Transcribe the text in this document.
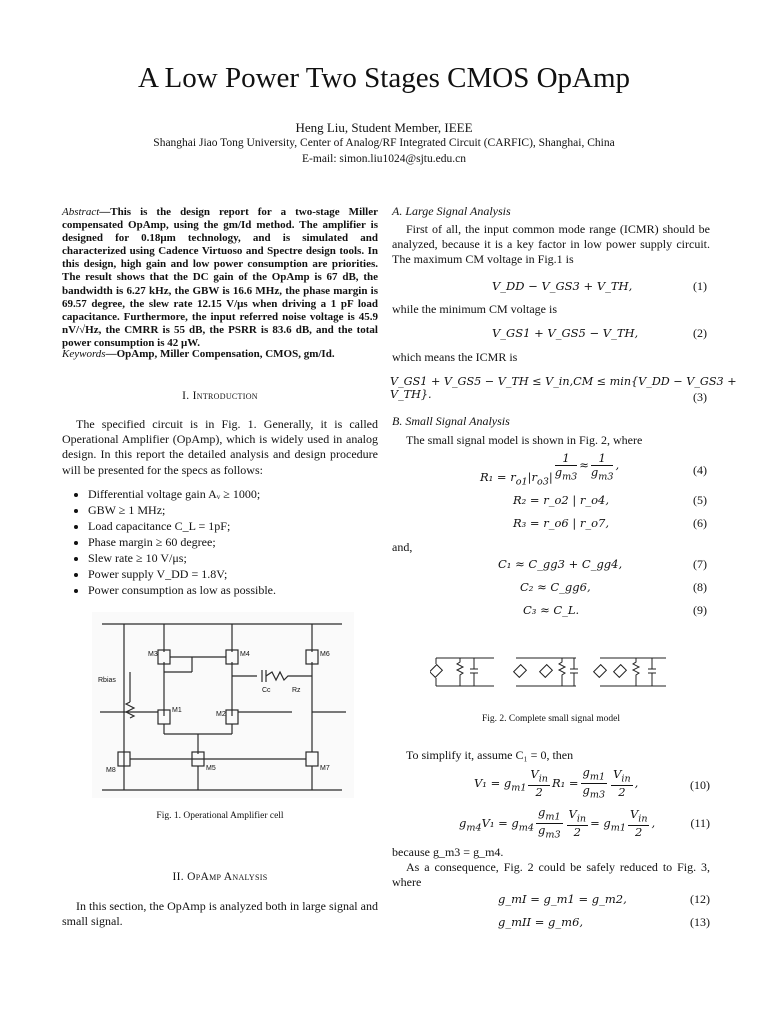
A Low Power Two Stages CMOS OpAmp
Heng Liu, Student Member, IEEE
Shanghai Jiao Tong University, Center of Analog/RF Integrated Circuit (CARFIC), Shanghai, China
E-mail: simon.liu1024@sjtu.edu.cn
Abstract—This is the design report for a two-stage Miller compensated OpAmp, using the gm/Id method. The amplifier is designed for 0.18μm technology, and is simulated and characterized using Cadence Virtuoso and Spectre design tools. In this design, high gain and low power consumption are priorities. The result shows that the DC gain of the OpAmp is 67 dB, the bandwidth is 6.27 kHz, the GBW is 16.6 MHz, the phase margin is 69.57 degree, the slew rate 12.15 V/μs when driving a 1 pF load capacitance. Furthermore, the input referred noise voltage is 45.9 nV/√Hz, the CMRR is 55 dB, the PSRR is 83.6 dB, and the total power consumption is 42 μW.
Keywords—OpAmp, Miller Compensation, CMOS, gm/Id.
I. Introduction
The specified circuit is in Fig. 1. Generally, it is called Operational Amplifier (OpAmp), which is widely used in analog design. In this report the detailed analysis and design procedure will be presented for the specs as follows:
• Differential voltage gain Aᵥ ≥ 1000;
• GBW ≥ 1 MHz;
• Load capacitance C_L = 1pF;
• Phase margin ≥ 60 degree;
• Slew rate ≥ 10 V/μs;
• Power supply V_DD = 1.8V;
• Power consumption as low as possible.
M3	M4	M6
Rbias
Cc	Rz
M1
M2
M8	M5	M7
Fig. 1. Operational Amplifier cell
II. OpAmp Analysis
In this section, the OpAmp is analyzed both in large signal and small signal.
A. Large Signal Analysis
First of all, the input common mode range (ICMR) should be analyzed, because it is a key factor in low power supply circuit. The maximum CM voltage in Fig.1 is
V_DD − V_GS3 + V_TH,	(1)
while the minimum CM voltage is
V_GS1 + V_GS5 − V_TH,	(2)
which means the ICMR is
V_GS1 + V_GS5 − V_TH ≤ V_in,CM ≤ min{V_DD − V_GS3 + V_TH}.	(3)
B. Small Signal Analysis
The small signal model is shown in Fig. 2, where
$R_1 = r_{o1}|r_{o3}| \frac{1}{g_{m3}} \approx \frac{1}{g_{m3}}$ ,	(4)
R₂ = r_o2 | r_o4,	(5)
R₃ = r_o6 | r_o7,	(6)
and,
C₁ ≈ C_gg3 + C_gg4,	(7)
C₂ ≈ C_gg6,	(8)
C₃ ≈ C_L.	(9)
Fig. 2. Complete small signal model
To simplify it, assume C₁ = 0, then
$V_1 = g_{m1} \frac{V_{in}}{2} R_1 = \frac{g_{m1}}{g_{m3}} \frac{V_{in}}{2}$ ,	(10)
$g_{m4}V_1 = g_{m4} \frac{g_{m1}}{g_{m3}} \frac{V_{in}}{2} = g_{m1} \frac{V_{in}}{2}$ ,	(11)
because g_m3 = g_m4.
As a consequence, Fig. 2 could be safely reduced to Fig. 3, where
g_mI = g_m1 = g_m2,	(12)
g_mII = g_m6,	(13)
